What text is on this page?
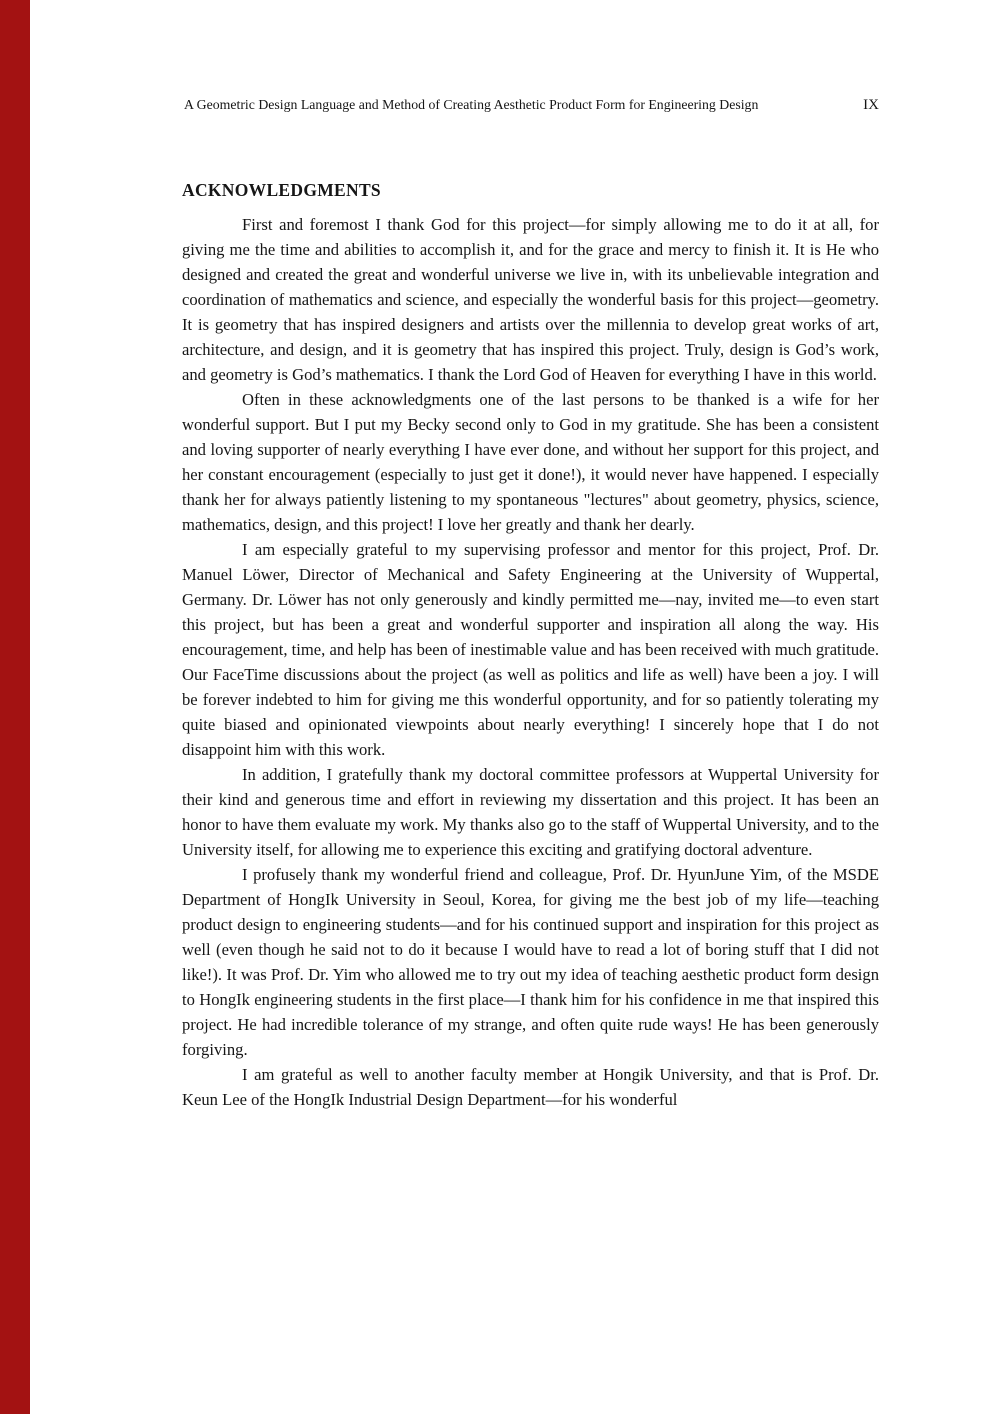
A Geometric Design Language and Method of Creating Aesthetic Product Form for Engineering Design	IX
ACKNOWLEDGMENTS

First and foremost I thank God for this project—for simply allowing me to do it at all, for giving me the time and abilities to accomplish it, and for the grace and mercy to finish it. It is He who designed and created the great and wonderful universe we live in, with its unbelievable integration and coordination of mathematics and science, and especially the wonderful basis for this project—geometry. It is geometry that has inspired designers and artists over the millennia to develop great works of art, architecture, and design, and it is geometry that has inspired this project. Truly, design is God’s work, and geometry is God’s mathematics. I thank the Lord God of Heaven for everything I have in this world.

Often in these acknowledgments one of the last persons to be thanked is a wife for her wonderful support. But I put my Becky second only to God in my gratitude. She has been a consistent and loving supporter of nearly everything I have ever done, and without her support for this project, and her constant encouragement (especially to just get it done!), it would never have happened. I especially thank her for always patiently listening to my spontaneous "lectures" about geometry, physics, science, mathematics, design, and this project! I love her greatly and thank her dearly.

I am especially grateful to my supervising professor and mentor for this project, Prof. Dr. Manuel Löwer, Director of Mechanical and Safety Engineering at the University of Wuppertal, Germany. Dr. Löwer has not only generously and kindly permitted me—nay, invited me—to even start this project, but has been a great and wonderful supporter and inspiration all along the way. His encouragement, time, and help has been of inestimable value and has been received with much gratitude. Our FaceTime discussions about the project (as well as politics and life as well) have been a joy. I will be forever indebted to him for giving me this wonderful opportunity, and for so patiently tolerating my quite biased and opinionated viewpoints about nearly everything! I sincerely hope that I do not disappoint him with this work.

In addition, I gratefully thank my doctoral committee professors at Wuppertal University for their kind and generous time and effort in reviewing my dissertation and this project. It has been an honor to have them evaluate my work. My thanks also go to the staff of Wuppertal University, and to the University itself, for allowing me to experience this exciting and gratifying doctoral adventure.

I profusely thank my wonderful friend and colleague, Prof. Dr. HyunJune Yim, of the MSDE Department of HongIk University in Seoul, Korea, for giving me the best job of my life—teaching product design to engineering students—and for his continued support and inspiration for this project as well (even though he said not to do it because I would have to read a lot of boring stuff that I did not like!). It was Prof. Dr. Yim who allowed me to try out my idea of teaching aesthetic product form design to HongIk engineering students in the first place—I thank him for his confidence in me that inspired this project. He had incredible tolerance of my strange, and often quite rude ways! He has been generously forgiving.

I am grateful as well to another faculty member at Hongik University, and that is Prof. Dr. Keun Lee of the HongIk Industrial Design Department—for his wonderful
